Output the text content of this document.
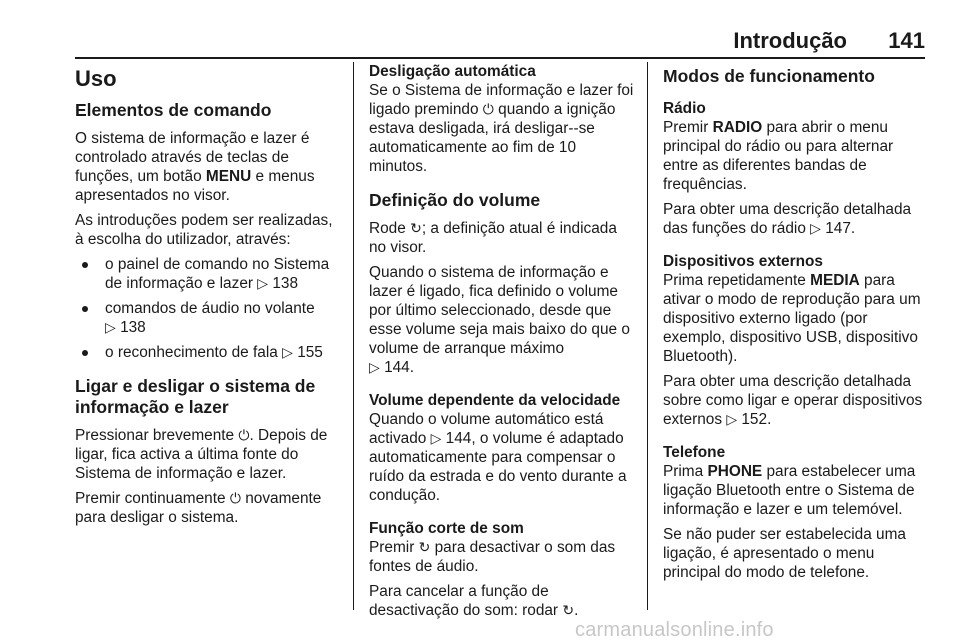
Introdução 141
Uso
Elementos de comando

O sistema de informação e lazer é controlado através de teclas de funções, um botão MENU e menus apresentados no visor.

As introduções podem ser realizadas, à escolha do utilizador, através:

o painel de comando no Sistema de informação e lazer ▷ 138
comandos de áudio no volante
▷ 138
o reconhecimento de fala ▷ 155
Ligar e desligar o sistema de informação e lazer

Pressionar brevemente ⏻. Depois de ligar, fica activa a última fonte do Sistema de informação e lazer.

Premir continuamente ⏻ novamente para desligar o sistema.

Desligação automática

Se o Sistema de informação e lazer foi ligado premindo ⏻ quando a ignição estava desligada, irá desligar--se automaticamente ao fim de 10 minutos.

Definição do volume

Rode ↻; a definição atual é indicada no visor.

Quando o sistema de informação e lazer é ligado, fica definido o volume por último seleccionado, desde que esse volume seja mais baixo do que o volume de arranque máximo
▷ 144.

Volume dependente da velocidade

Quando o volume automático está activado ▷ 144, o volume é adaptado automaticamente para compensar o ruído da estrada e do vento durante a condução.

Função corte de som

Premir ↻ para desactivar o som das fontes de áudio.

Para cancelar a função de desactivação do som: rodar ↻.

Modos de funcionamento
Rádio

Premir RADIO para abrir o menu principal do rádio ou para alternar entre as diferentes bandas de frequências.

Para obter uma descrição detalhada das funções do rádio ▷ 147.

Dispositivos externos

Prima repetidamente MEDIA para ativar o modo de reprodução para um dispositivo externo ligado (por exemplo, dispositivo USB, dispositivo Bluetooth).

Para obter uma descrição detalhada sobre como ligar e operar dispositivos externos ▷ 152.

Telefone

Prima PHONE para estabelecer uma ligação Bluetooth entre o Sistema de informação e lazer e um telemóvel.

Se não puder ser estabelecida uma ligação, é apresentado o menu principal do modo de telefone.

carmanualsonline.info
